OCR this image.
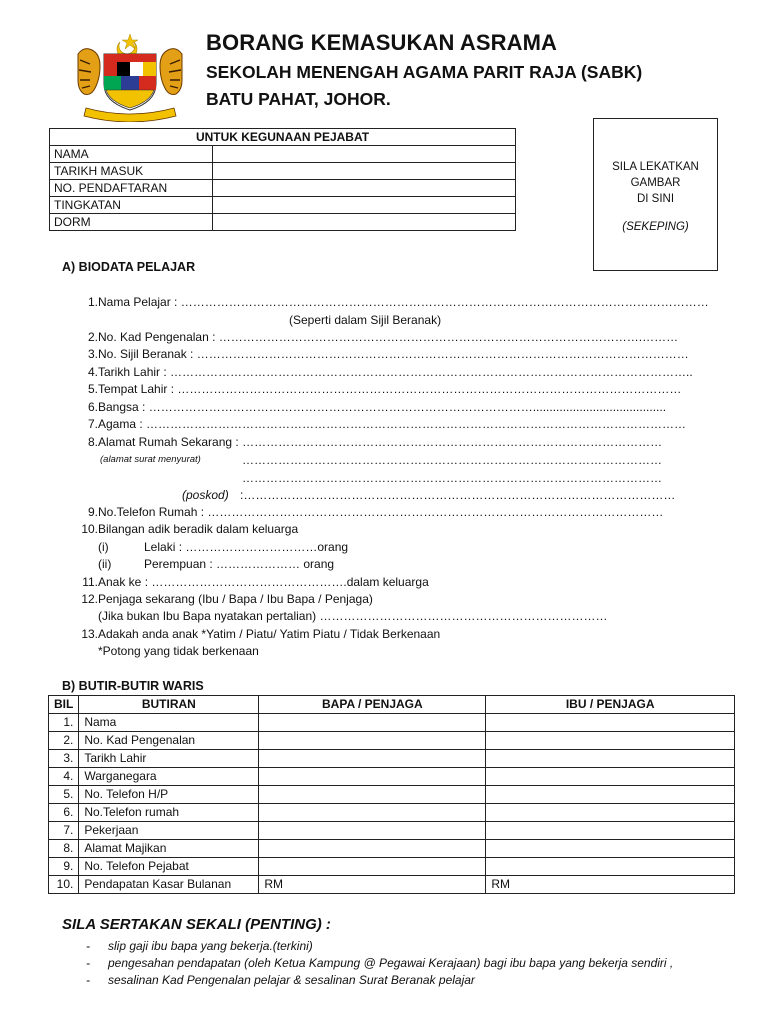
BORANG KEMASUKAN ASRAMA
SEKOLAH MENENGAH AGAMA PARIT RAJA (SABK)
BATU PAHAT, JOHOR.
UNTUK KEGUNAAN PEJABAT	
NAMA	
TARIKH MASUK	
NO. PENDAFTARAN	
TINGKATAN	
DORM	
SILA LEKATKAN
GAMBAR
DI SINI
(SEKEPING)
A) BIODATA PELAJAR
1.Nama Pelajar : ……………………………………………………………………………………………………………………
(Seperti dalam Sijil Beranak)
2.No. Kad Pengenalan : …………………………………………………………………………………………….………
3.No. Sijil Beranak : ……………………………………………………………………………………………………………
4.Tarikh Lahir : …………………………………………………………………………………………………………………..
5.Tempat Lahir : ………………………………………………………………………………………………………………
6.Bangsa : ……………………………………………………………………………………........................................
7.Agama : ………………………………………………………………………………………………………………………
8.Alamat Rumah Sekarang : ……………………………………………………………………………………………
(alamat surat menyurat)	……………………………………………………………………………………………
……………………………………………………………………………………………
(poskod) :………………………………………………………………………………………………
9.No.Telefon Rumah : ……………………………………………………………………………………………………
10.Bilangan adik beradik dalam keluarga
(i)	Lelaki : ……………………………orang
(ii)	Perempuan : ………………… orang
11.Anak ke : ………………………………………….dalam keluarga
12.Penjaga sekarang (Ibu / Bapa / Ibu Bapa / Penjaga)
(Jika bukan Ibu Bapa nyatakan pertalian) ………………………………………………………………
13.Adakah anda anak *Yatim / Piatu/ Yatim Piatu / Tidak Berkenaan
*Potong yang tidak berkenaan
B) BUTIR-BUTIR WARIS
BIL	BUTIRAN	BAPA / PENJAGA	IBU / PENJAGA
1.	Nama		
2.	No. Kad Pengenalan		
3.	Tarikh Lahir		
4.	Warganegara		
5.	No. Telefon H/P		
6.	No.Telefon rumah		
7.	Pekerjaan		
8.	Alamat Majikan		
9.	No. Telefon Pejabat		
10.	Pendapatan Kasar Bulanan	RM	RM
SILA SERTAKAN SEKALI (PENTING) :
- slip gaji ibu bapa yang bekerja.(terkini)
- pengesahan pendapatan (oleh Ketua Kampung @ Pegawai Kerajaan) bagi ibu bapa yang bekerja sendiri ,
- sesalinan Kad Pengenalan pelajar & sesalinan Surat Beranak pelajar
